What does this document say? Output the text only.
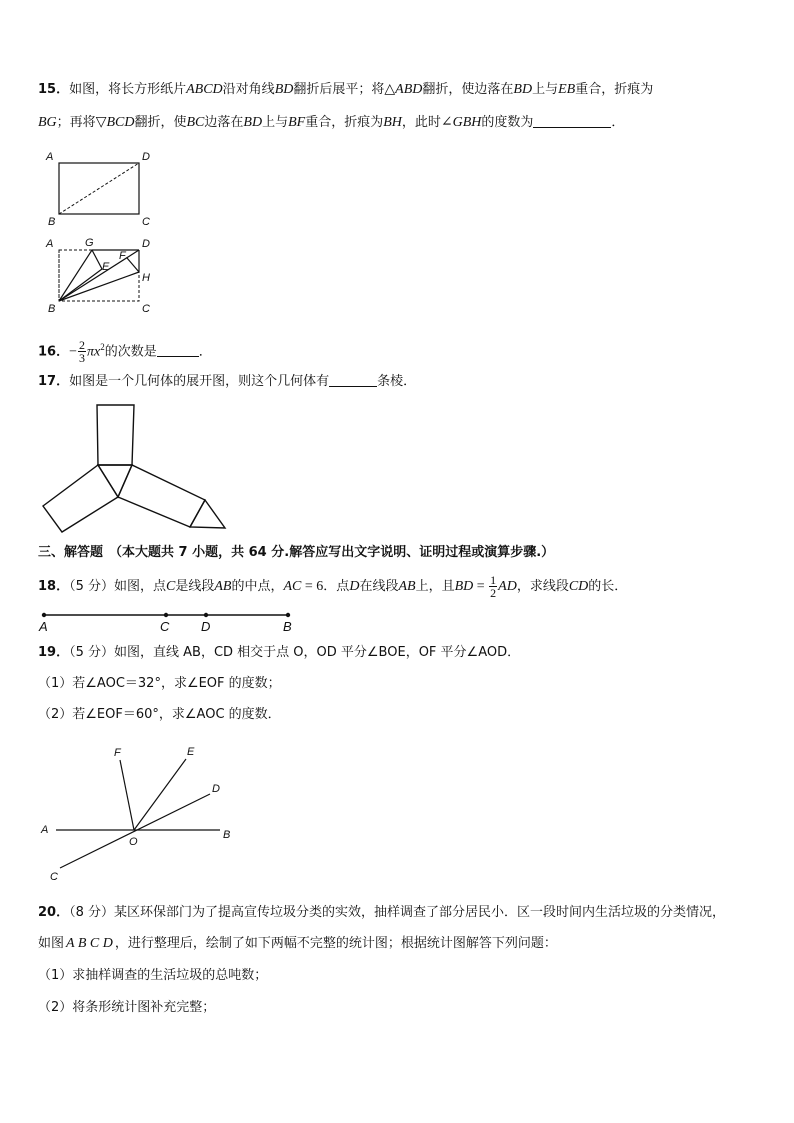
15．如图，将长方形纸片ABCD沿对角线BD翻折后展平；将△ABD翻折，使边落在BD上与EB重合，折痕为
BG；再将▽BCD翻折，使BC边落在BD上与BF重合，折痕为BH，此时∠GBH的度数为	．
A	D
B	C
A	G	D
F
E
H
B	C
16．− $\frac{2}{3} \pi x^2$的次数是	．
17．如图是一个几何体的展开图，则这个几何体有	条棱．
三、解答题 （本大题共 7 小题，共 64 分.解答应写出文字说明、证明过程或演算步骤.）
18．（5 分）如图，点C是线段AB的中点，AC = 6．点D在线段AB上，且BD = $\frac{1}{2}$ AD，求线段CD的长．
A	C D	B
19．（5 分）如图，直线 AB，CD 相交于点 O，OD 平分∠BOE，OF 平分∠AOD．
（1）若∠AOC＝32°，求∠EOF 的度数；
（2）若∠EOF＝60°，求∠AOC 的度数．
F	E
D
A	B
O
C
20．（8 分）某区环保部门为了提高宣传垃圾分类的实效，抽样调查了部分居民小．区一段时间内生活垃圾的分类情况，
如图 A B C D ，进行整理后，绘制了如下两幅不完整的统计图；根据统计图解答下列问题：
（1）求抽样调查的生活垃圾的总吨数；
（2）将条形统计图补充完整；
